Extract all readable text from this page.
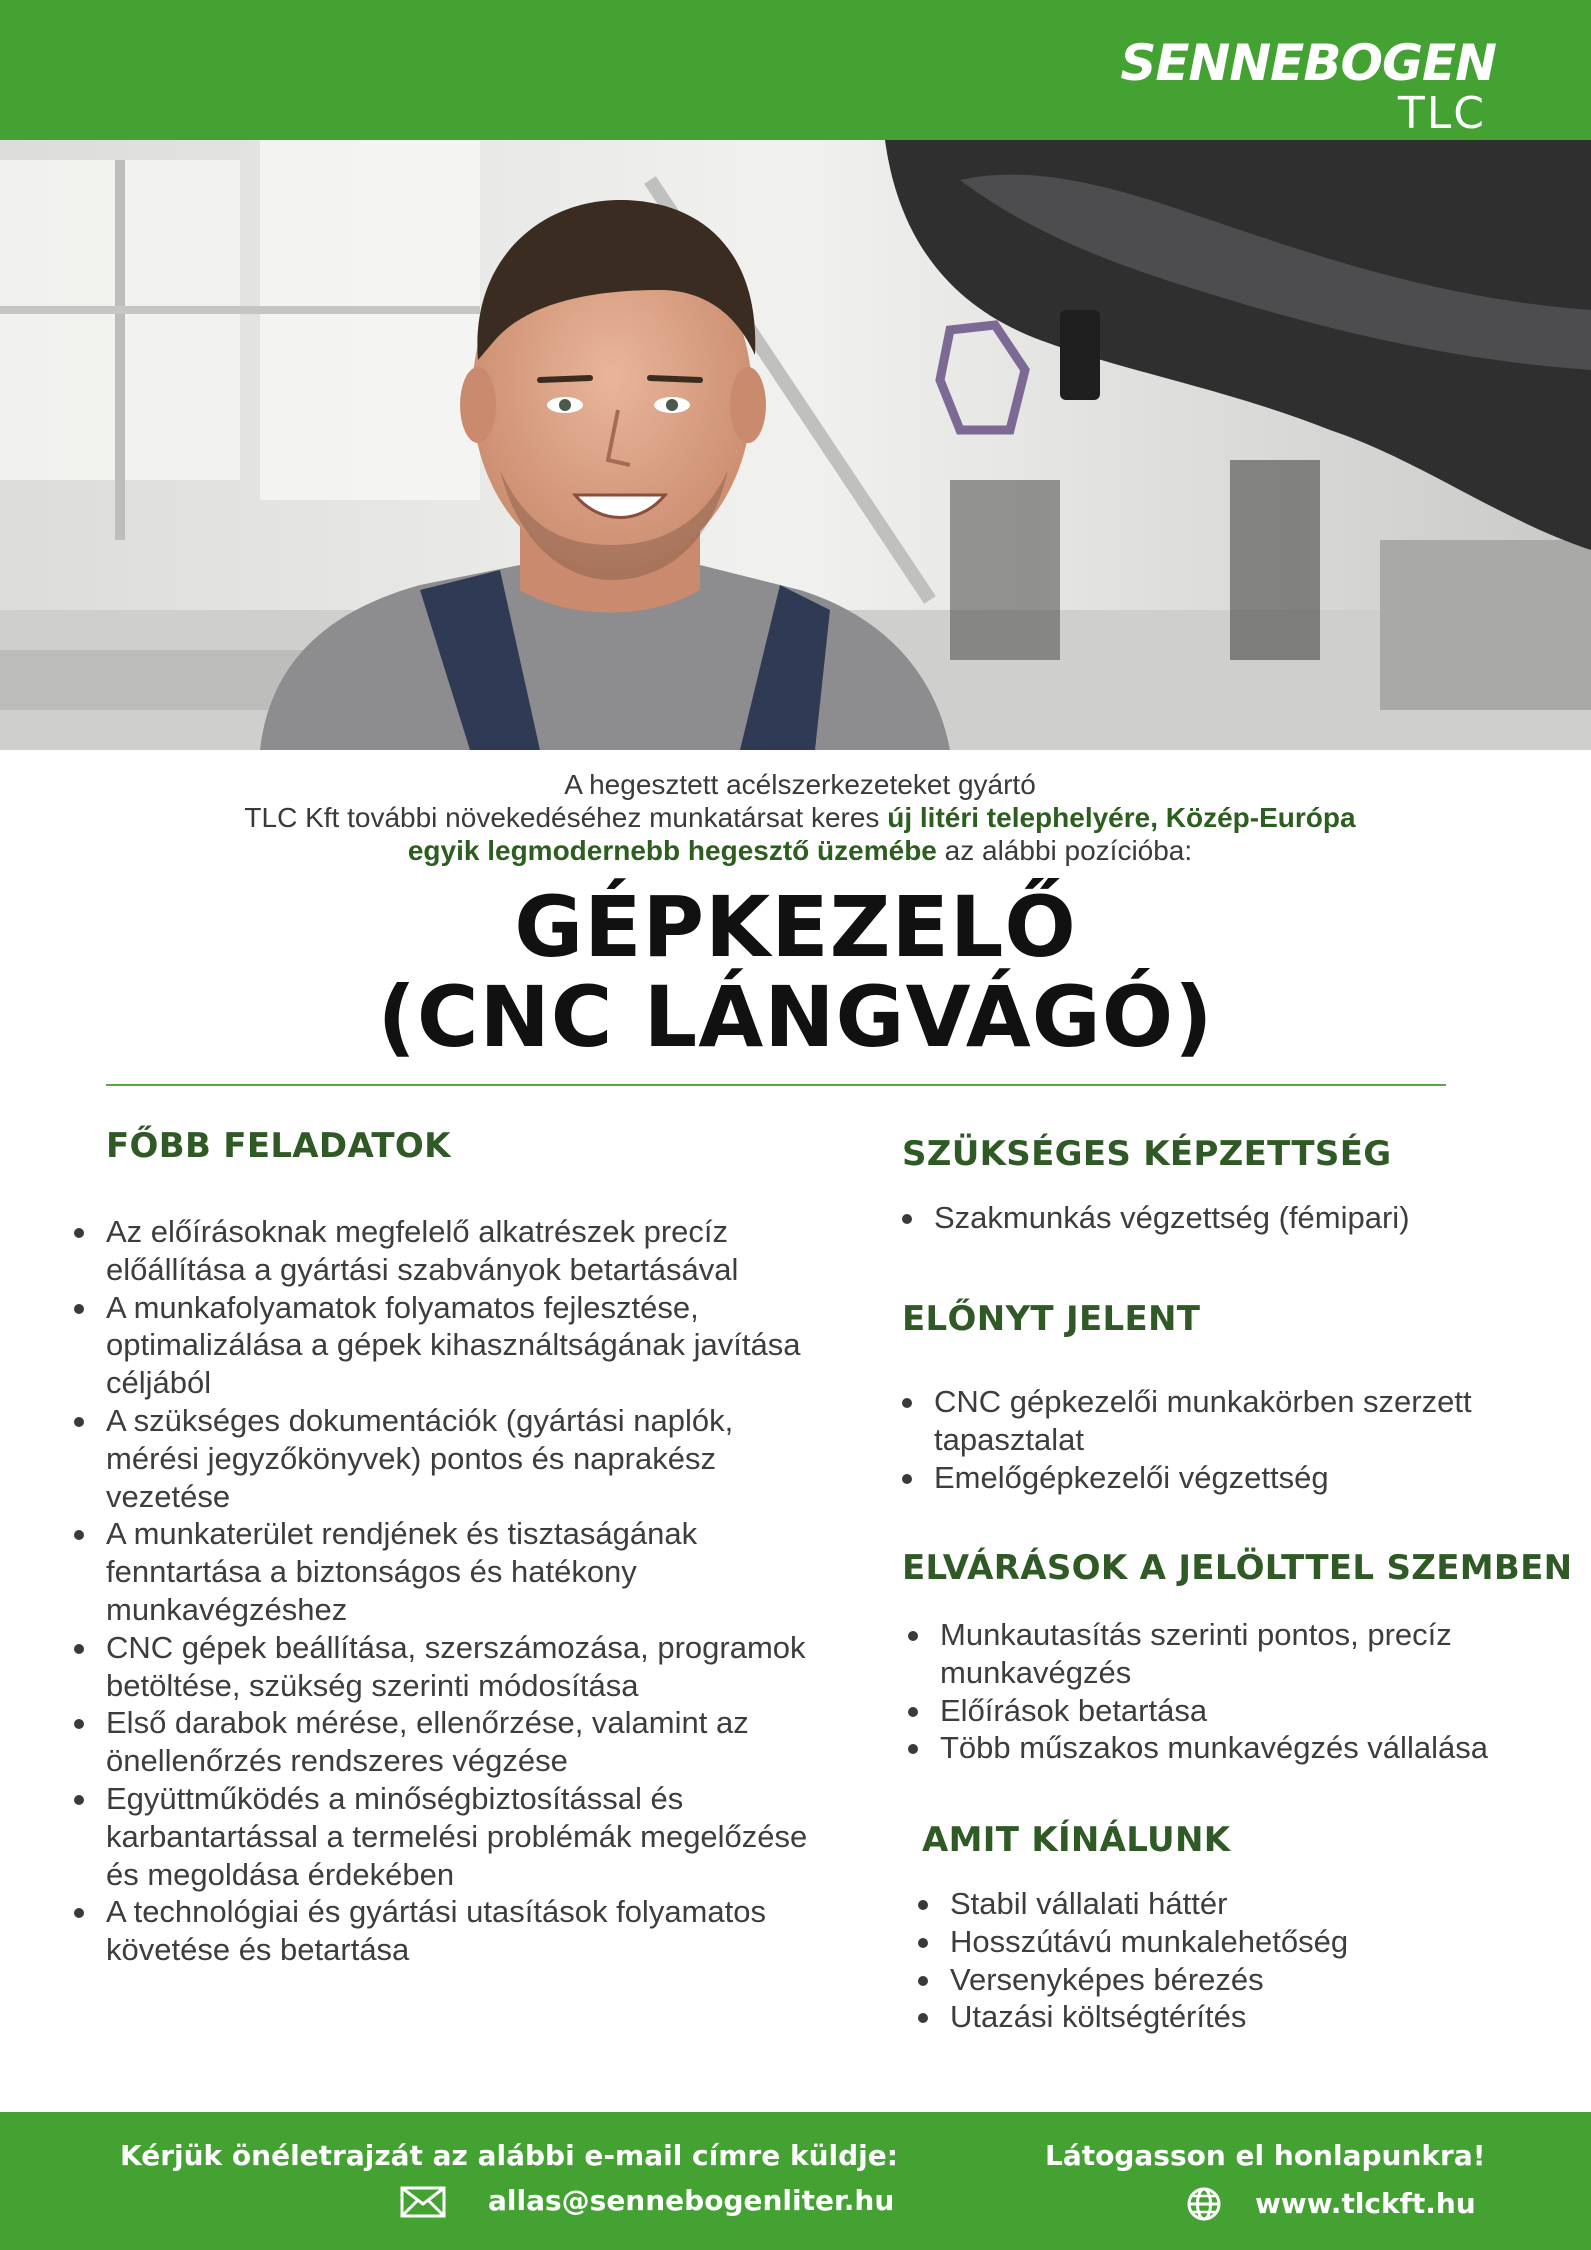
SENNEBOGEN
TLC
A hegesztett acélszerkezeteket gyártó
TLC Kft további növekedéséhez munkatársat keres új litéri telephelyére, Közép-Európa
egyik legmodernebb hegesztő üzemébe az alábbi pozícióba:
GÉPKEZELŐ
(CNC LÁNGVÁGÓ)
FŐBB FELADATOK
Az előírásoknak megfelelő alkatrészek precíz előállítása a gyártási szabványok betartásával
A munkafolyamatok folyamatos fejlesztése, optimalizálása a gépek kihasználtságának javítása céljából
A szükséges dokumentációk (gyártási naplók, mérési jegyzőkönyvek) pontos és naprakész vezetése
A munkaterület rendjének és tisztaságának fenntartása a biztonságos és hatékony munkavégzéshez
CNC gépek beállítása, szerszámozása, programok betöltése, szükség szerinti módosítása
Első darabok mérése, ellenőrzése, valamint az önellenőrzés rendszeres végzése
Együttműködés a minőségbiztosítással és karbantartással a termelési problémák megelőzése és megoldása érdekében
A technológiai és gyártási utasítások folyamatos követése és betartása
SZÜKSÉGES KÉPZETTSÉG
Szakmunkás végzettség (fémipari)
ELŐNYT JELENT
CNC gépkezelői munkakörben szerzett tapasztalat
Emelőgépkezelői végzettség
ELVÁRÁSOK A JELÖLTTEL SZEMBEN
Munkautasítás szerinti pontos, precíz munkavégzés
Előírások betartása
Több műszakos munkavégzés vállalása
AMIT KÍNÁLUNK
Stabil vállalati háttér
Hosszútávú munkalehetőség
Versenyképes bérezés
Utazási költségtérítés
Kérjük önéletrajzát az alábbi e-mail címre küldje:
allas@sennebogenliter.hu
Látogasson el honlapunkra!
www.tlckft.hu
